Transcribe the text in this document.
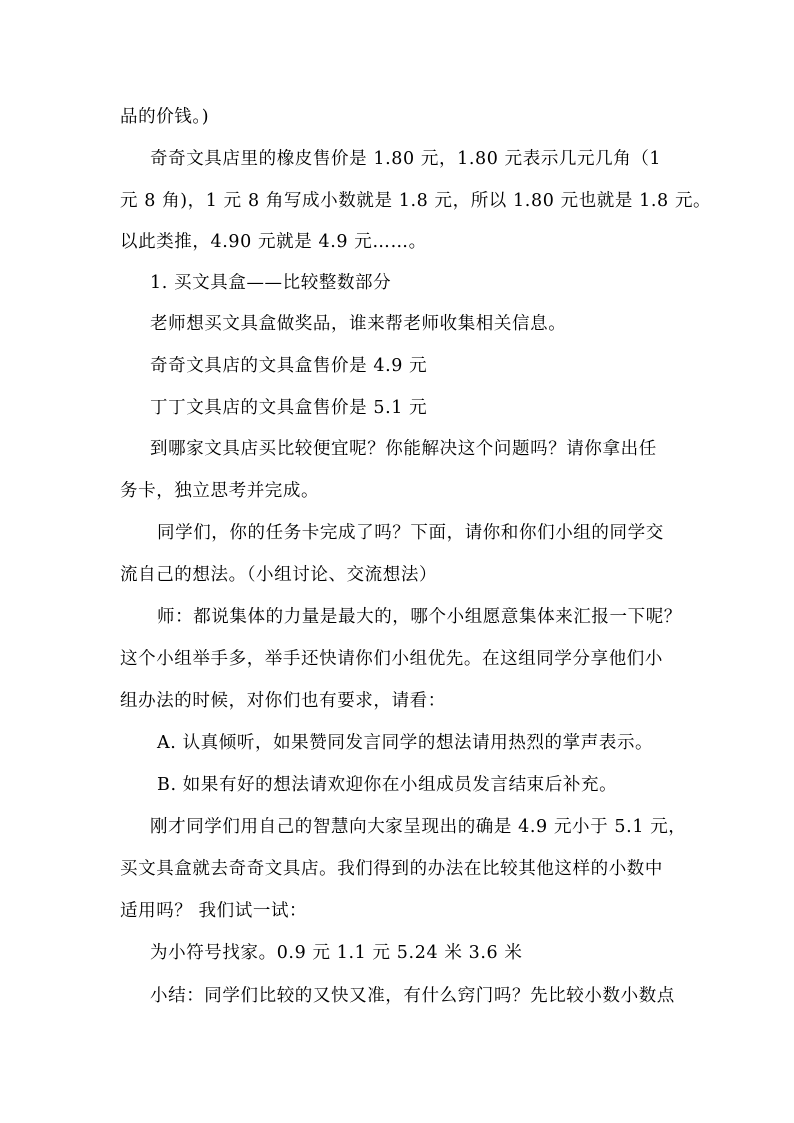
品的价钱。)
奇奇文具店里的橡皮售价是 1.80 元，1.80 元表示几元几角（1
元 8 角)，1 元 8 角写成小数就是 1.8 元，所以 1.80 元也就是 1.8 元。
以此类推，4.90 元就是 4.9 元……。
1. 买文具盒——比较整数部分
老师想买文具盒做奖品，谁来帮老师收集相关信息。
奇奇文具店的文具盒售价是 4.9 元
丁丁文具店的文具盒售价是 5.1 元
到哪家文具店买比较便宜呢？你能解决这个问题吗？请你拿出任
务卡，独立思考并完成。
同学们，你的任务卡完成了吗？下面，请你和你们小组的同学交
流自己的想法。（小组讨论、交流想法）
师：都说集体的力量是最大的，哪个小组愿意集体来汇报一下呢？
这个小组举手多，举手还快请你们小组优先。在这组同学分享他们小
组办法的时候，对你们也有要求，请看：
A. 认真倾听，如果赞同发言同学的想法请用热烈的掌声表示。
B. 如果有好的想法请欢迎你在小组成员发言结束后补充。
刚才同学们用自己的智慧向大家呈现出的确是 4.9 元小于 5.1 元，
买文具盒就去奇奇文具店。我们得到的办法在比较其他这样的小数中
适用吗？ 我们试一试：
为小符号找家。0.9 元 1.1 元 5.24 米 3.6 米
小结：同学们比较的又快又准，有什么窍门吗？先比较小数小数点
